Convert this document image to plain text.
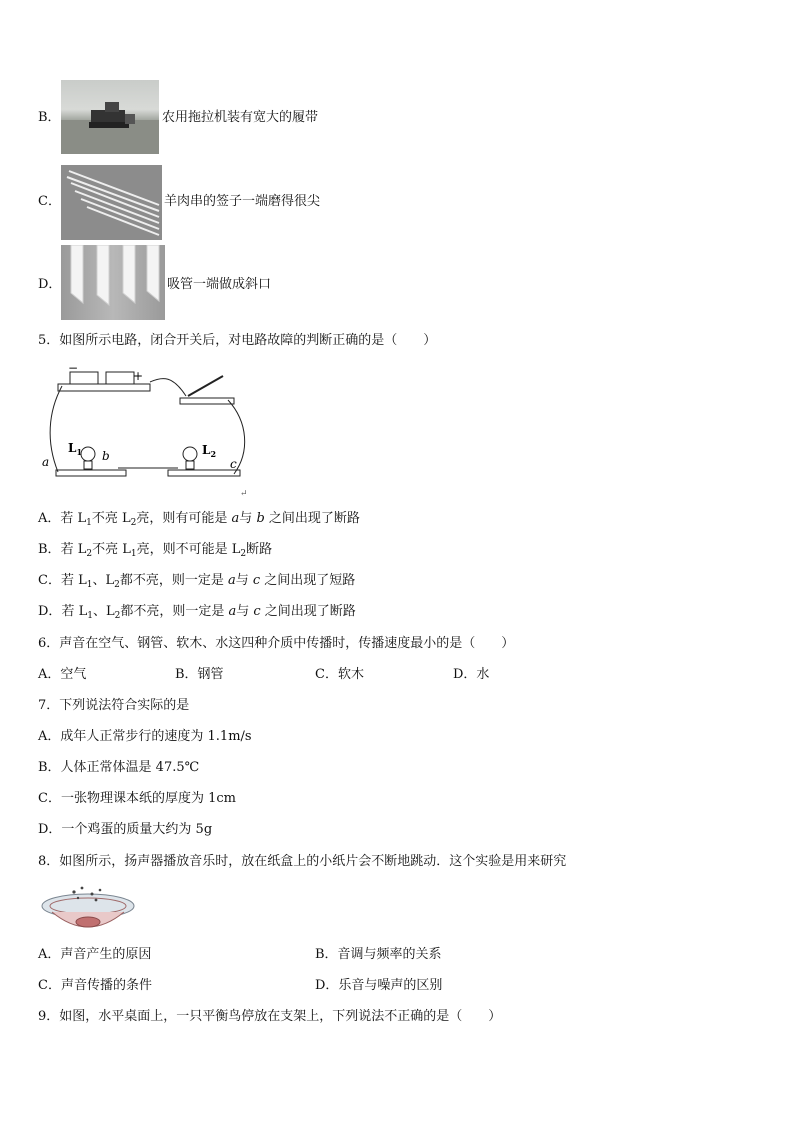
B．	农用拖拉机装有宽大的履带
C．	羊肉串的签子一端磨得很尖
D．	吸管一端做成斜口
5．如图所示电路，闭合开关后，对电路故障的判断正确的是（　　）
−
+
$L_1$	$L_2$
b
a	c
↵
A．若 $L_1$不亮 $L_2$亮，则有可能是 a与 b 之间出现了断路
B．若 $L_2$不亮 $L_1$亮，则不可能是 $L_2$断路
C．若 $L_1$、$L_2$都不亮，则一定是 a与 c 之间出现了短路
D．若 $L_1$、$L_2$都不亮，则一定是 a与 c 之间出现了断路
6．声音在空气、钢管、软木、水这四种介质中传播时，传播速度最小的是（　　）
A．空气	B．钢管	C．软木	D．水
7．下列说法符合实际的是
A．成年人正常步行的速度为 1.1m/s
B．人体正常体温是 47.5℃
C．一张物理课本纸的厚度为 1cm
D．一个鸡蛋的质量大约为 5g
8．如图所示，扬声器播放音乐时，放在纸盒上的小纸片会不断地跳动．这个实验是用来研究
A．声音产生的原因	B．音调与频率的关系
C．声音传播的条件	D．乐音与噪声的区别
9．如图，水平桌面上，一只平衡鸟停放在支架上，下列说法不正确的是（　　）
